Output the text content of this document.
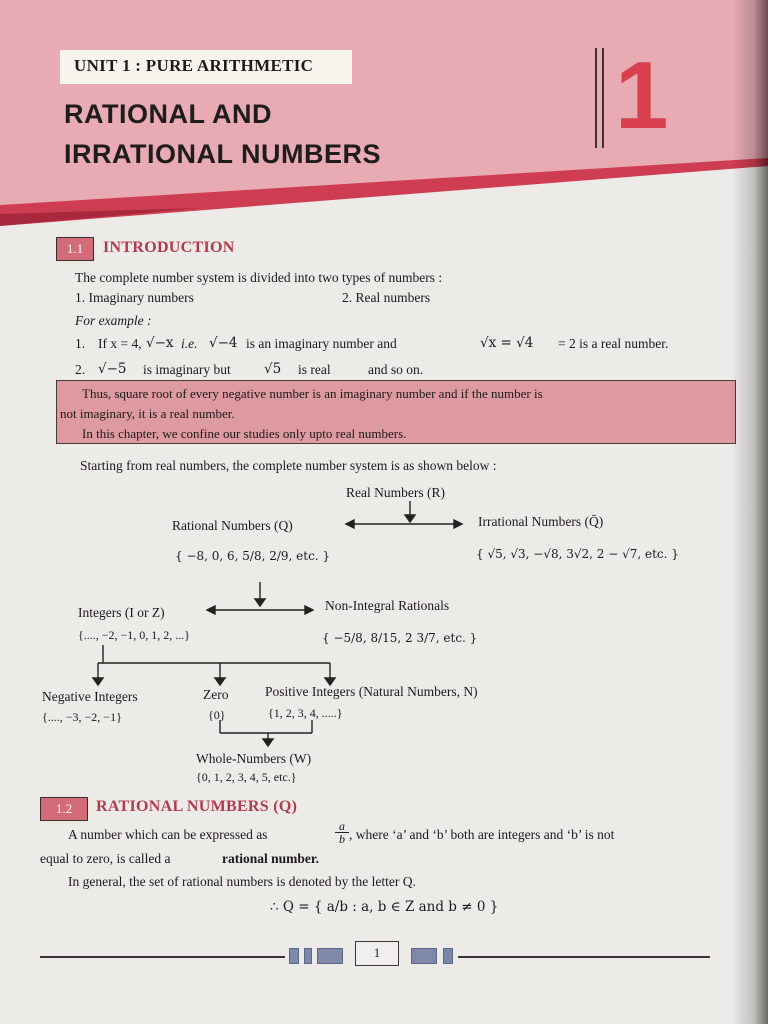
UNIT 1 : PURE ARITHMETIC
RATIONAL AND
IRRATIONAL NUMBERS
1
1.1	INTRODUCTION
The complete number system is divided into two types of numbers :
1. Imaginary numbers	2. Real numbers
For example :
1. If x = 4, √−x i.e. √−4 is an imaginary number and	√x = √4 = 2 is a real number.
2. √−5 is imaginary but √5 is real	and so on.
Thus, square root of every negative number is an imaginary number and if the number is
not imaginary, it is a real number.
In this chapter, we confine our studies only upto real numbers.
Starting from real numbers, the complete number system is as shown below :
Real Numbers (R)
Rational Numbers (Q)
{ −8, 0, 6, 5/8, 2/9, etc. }
Irrational Numbers (Q̄)
{ √5, √3, −√8, 3√2, 2 − √7, etc. }
Integers (I or Z)
{...., −2, −1, 0, 1, 2, ...}
Non-Integral Rationals
{ −5/8, 8/15, 2 3/7, etc. }
Negative Integers
{...., −3, −2, −1}
Zero
{0}
Positive Integers (Natural Numbers, N)
{1, 2, 3, 4, .....}
Whole-Numbers (W)
{0, 1, 2, 3, 4, 5, etc.}
1.2	RATIONAL NUMBERS (Q)
A number which can be expressed as	$\frac{a}{b}$ , where ‘a’ and ‘b’ both are integers and ‘b’ is not
equal to zero, is called a	rational number.
In general, the set of rational numbers is denoted by the letter Q.
∴ Q = { a/b : a, b ∈ Z and b ≠ 0 }
1
